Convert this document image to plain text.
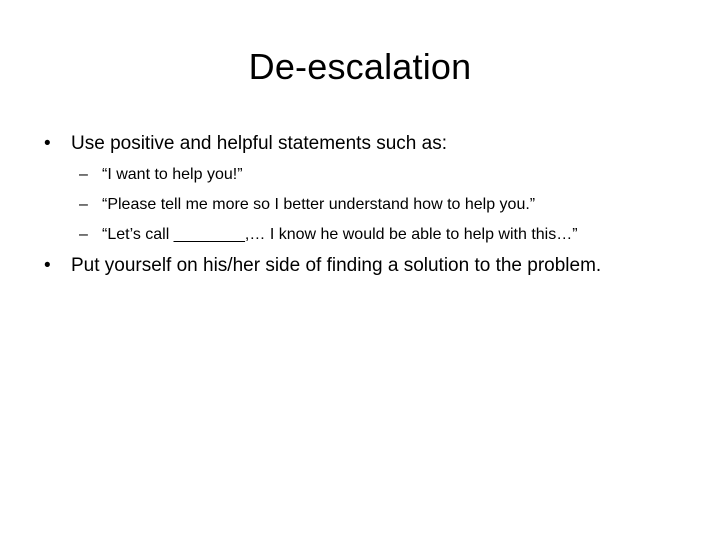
De-escalation
• Use positive and helpful statements such as:
– “I want to help you!”
– “Please tell me more so I better understand how to help you.”
– “Let’s call ________,… I know he would be able to help with this…”
• Put yourself on his/her side of finding a solution to the problem.
